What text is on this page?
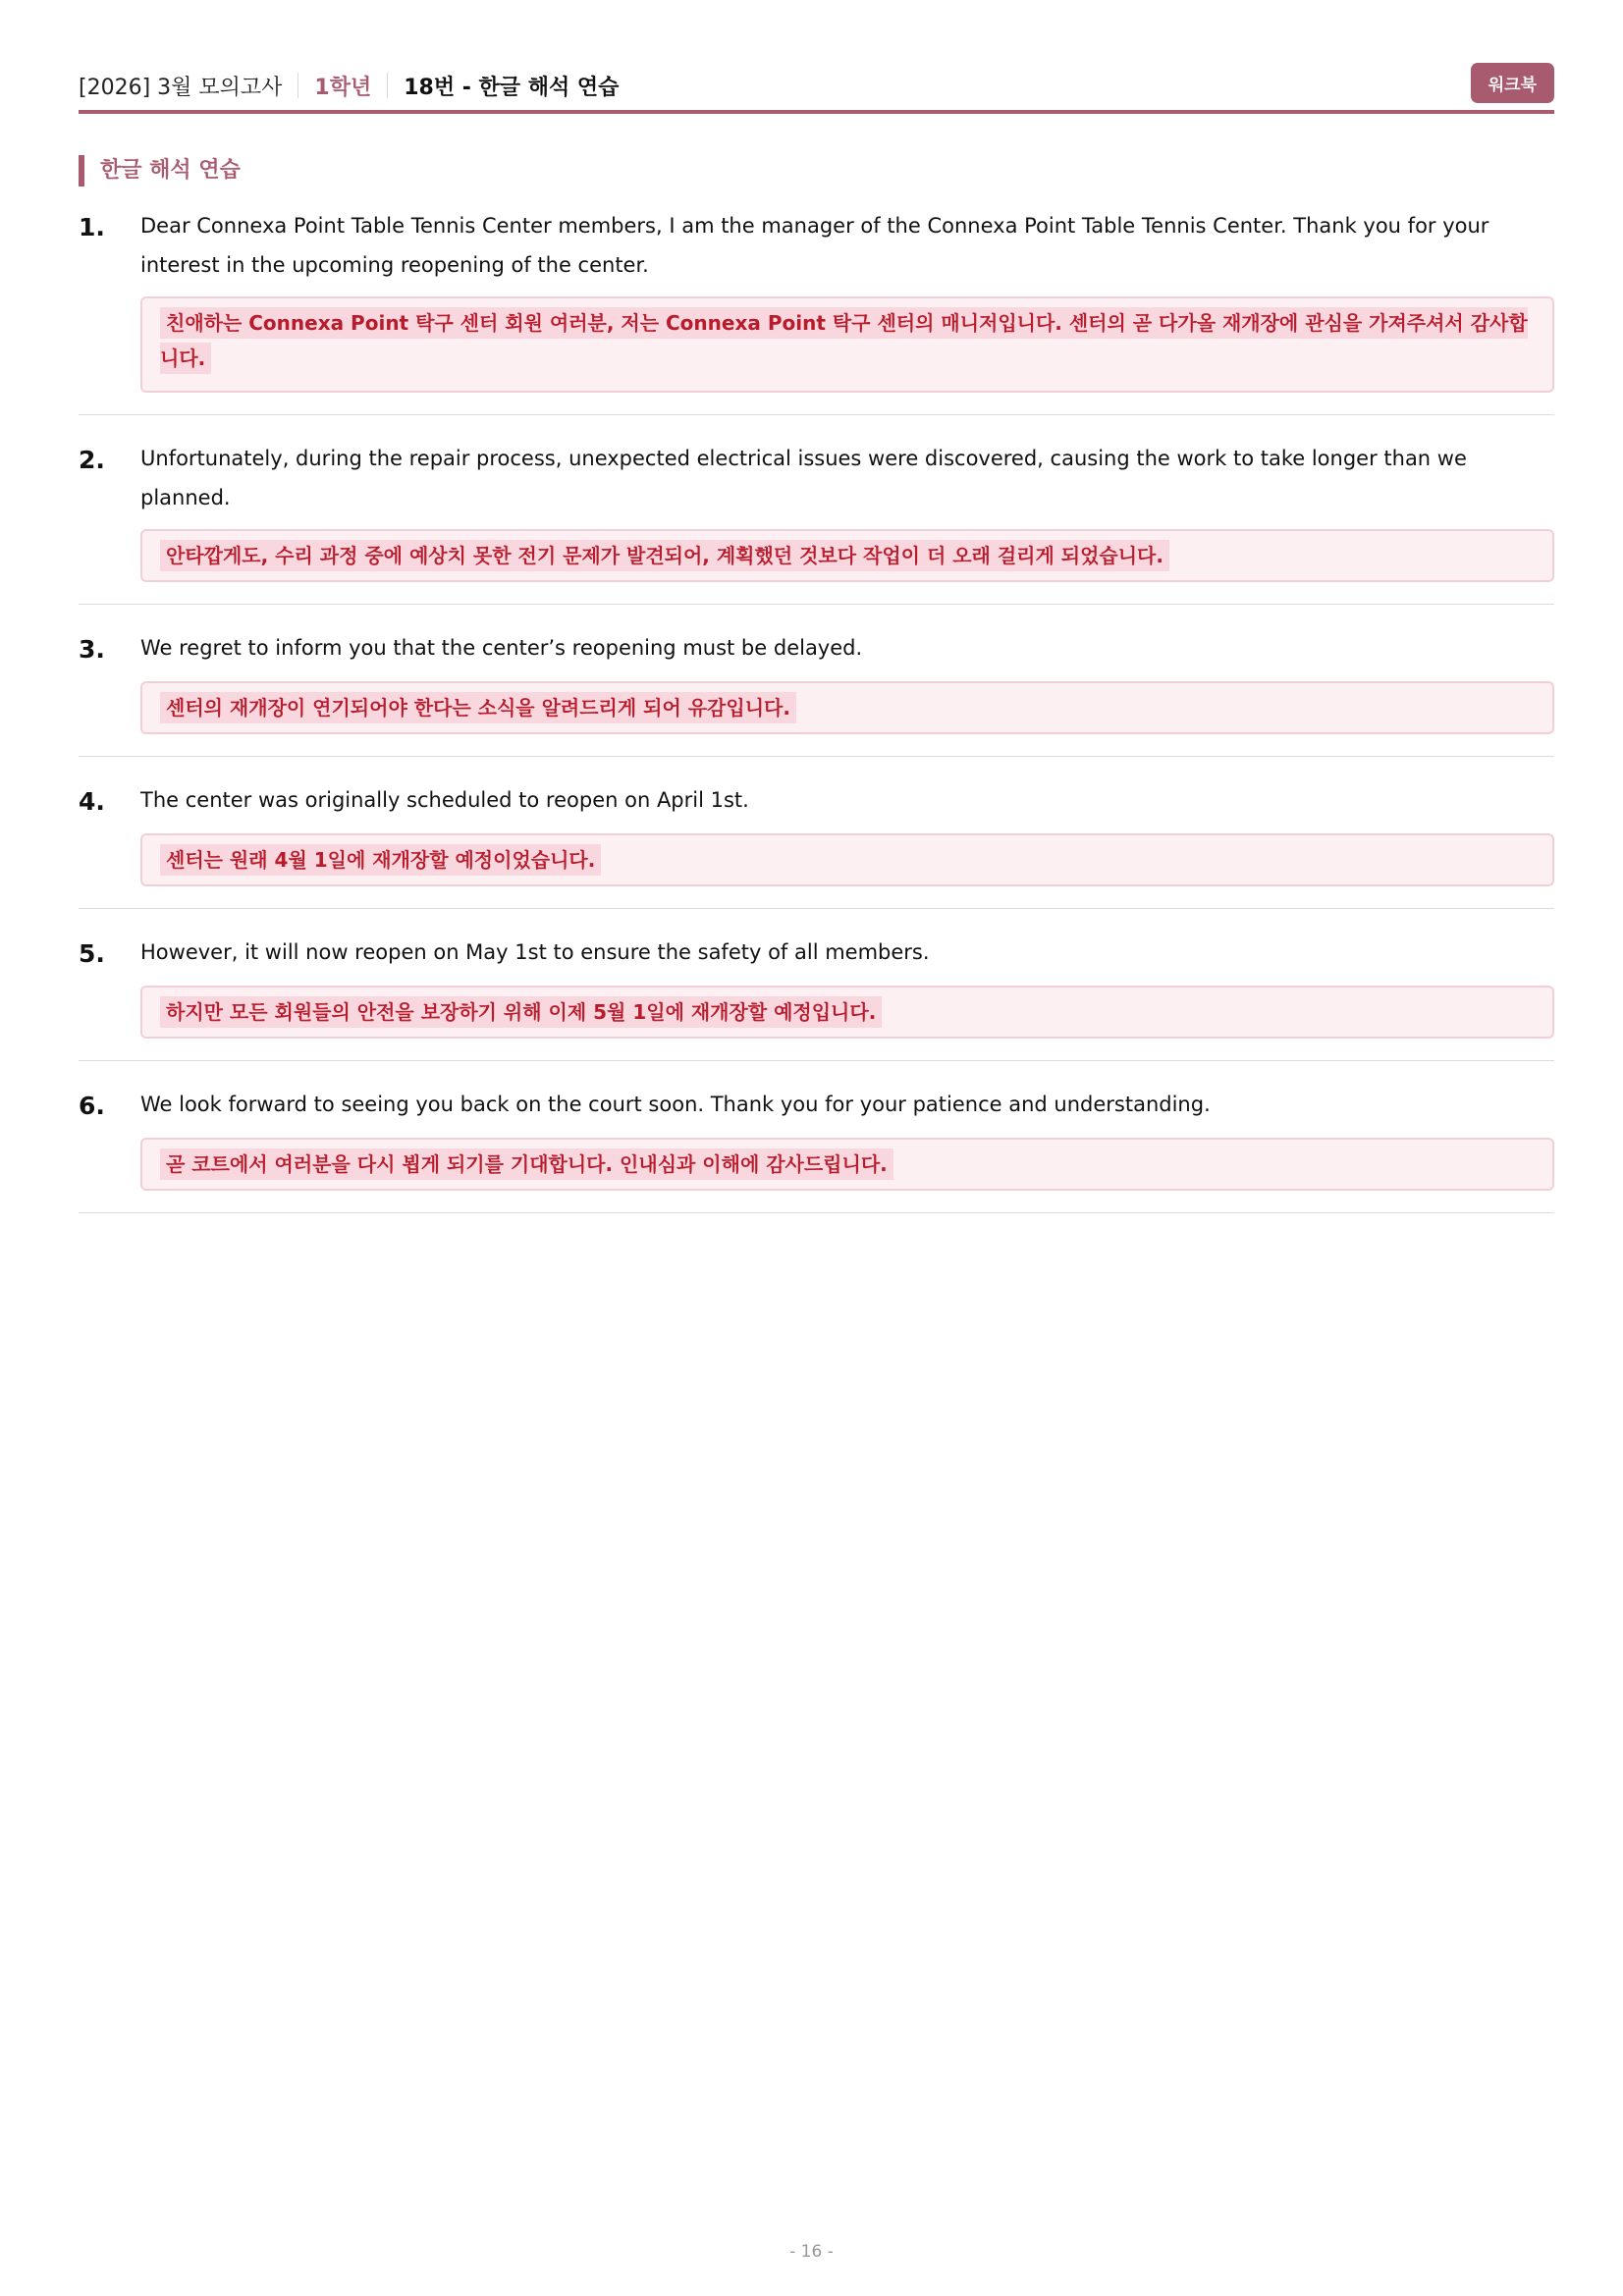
[2026] 3월 모의고사 1학년 18번 - 한글 해석 연습	워크북
한글 해석 연습
1.	Dear Connexa Point Table Tennis Center members, I am the manager of the Connexa Point Table Tennis Center. Thank you for your interest in the upcoming reopening of the center.
친애하는 Connexa Point 탁구 센터 회원 여러분, 저는 Connexa Point 탁구 센터의 매니저입니다. 센터의 곧 다가올 재개장에 관심을 가져주셔서 감사합니다.
2.	Unfortunately, during the repair process, unexpected electrical issues were discovered, causing the work to take longer than we planned.
안타깝게도, 수리 과정 중에 예상치 못한 전기 문제가 발견되어, 계획했던 것보다 작업이 더 오래 걸리게 되었습니다.
3.	We regret to inform you that the center’s reopening must be delayed.
센터의 재개장이 연기되어야 한다는 소식을 알려드리게 되어 유감입니다.
4.	The center was originally scheduled to reopen on April 1st.
센터는 원래 4월 1일에 재개장할 예정이었습니다.
5.	However, it will now reopen on May 1st to ensure the safety of all members.
하지만 모든 회원들의 안전을 보장하기 위해 이제 5월 1일에 재개장할 예정입니다.
6.	We look forward to seeing you back on the court soon. Thank you for your patience and understanding.
곧 코트에서 여러분을 다시 뵙게 되기를 기대합니다. 인내심과 이해에 감사드립니다.
- 16 -
